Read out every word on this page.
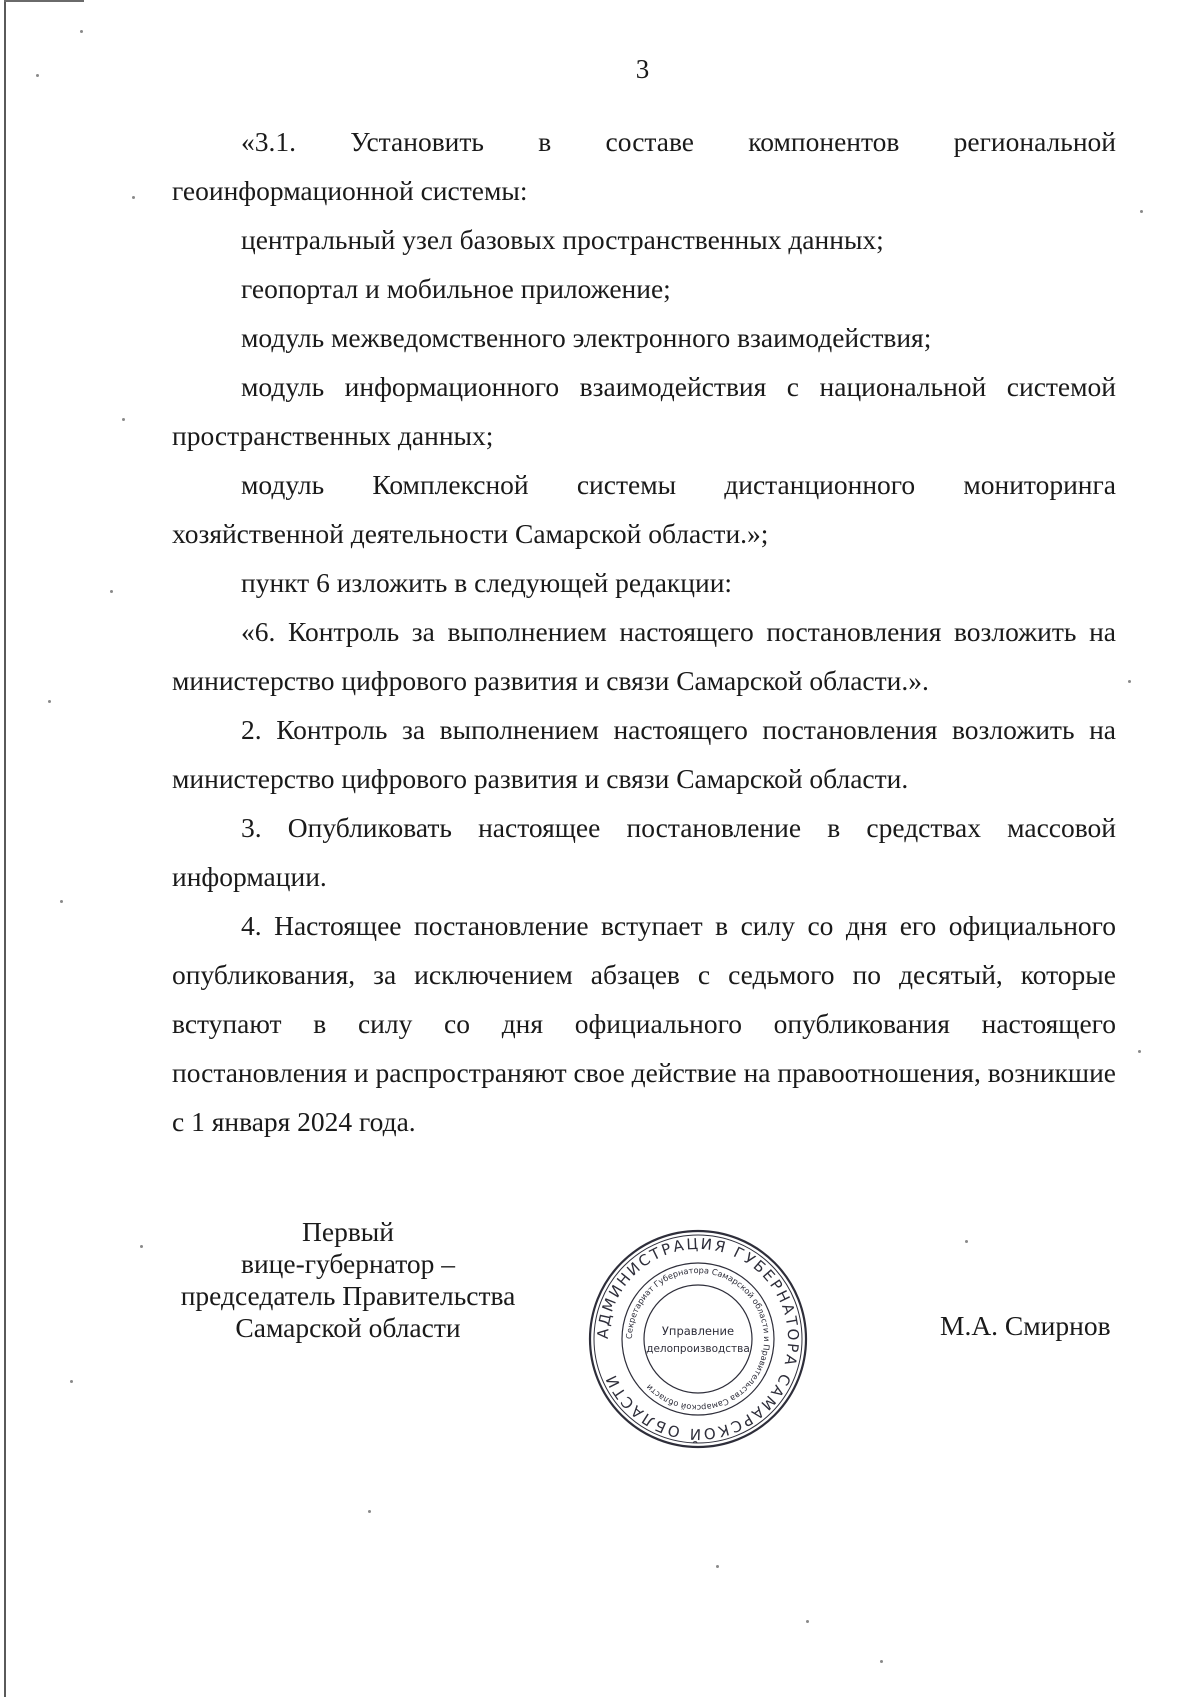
3

«3.1. Установить в составе компонентов региональной геоинформационной системы:

центральный узел базовых пространственных данных;

геопортал и мобильное приложение;

модуль межведомственного электронного взаимодействия;

модуль информационного взаимодействия с национальной системой пространственных данных;

модуль Комплексной системы дистанционного мониторинга хозяйственной деятельности Самарской области.»;

пункт 6 изложить в следующей редакции:

«6. Контроль за выполнением настоящего постановления возложить на министерство цифрового развития и связи Самарской области.».

2. Контроль за выполнением настоящего постановления возложить на министерство цифрового развития и связи Самарской области.

3. Опубликовать настоящее постановление в средствах массовой информации.

4. Настоящее постановление вступает в силу со дня его официального опубликования, за исключением абзацев с седьмого по десятый, которые вступают в силу со дня официального опубликования настоящего постановления и распространяют свое действие на правоотношения, возникшие с 1 января 2024 года.

Первый
вице-губернатор –
председатель Правительства
Самарской области	АДМИНИСТРАЦИЯ ГУБЕРНАТОРА САМАРСКОЙ ОБЛАСТИ
Секретариат Губернатора Самарской области и Правительства Самарской области
Управление
делопроизводства
М.А. Смирнов
